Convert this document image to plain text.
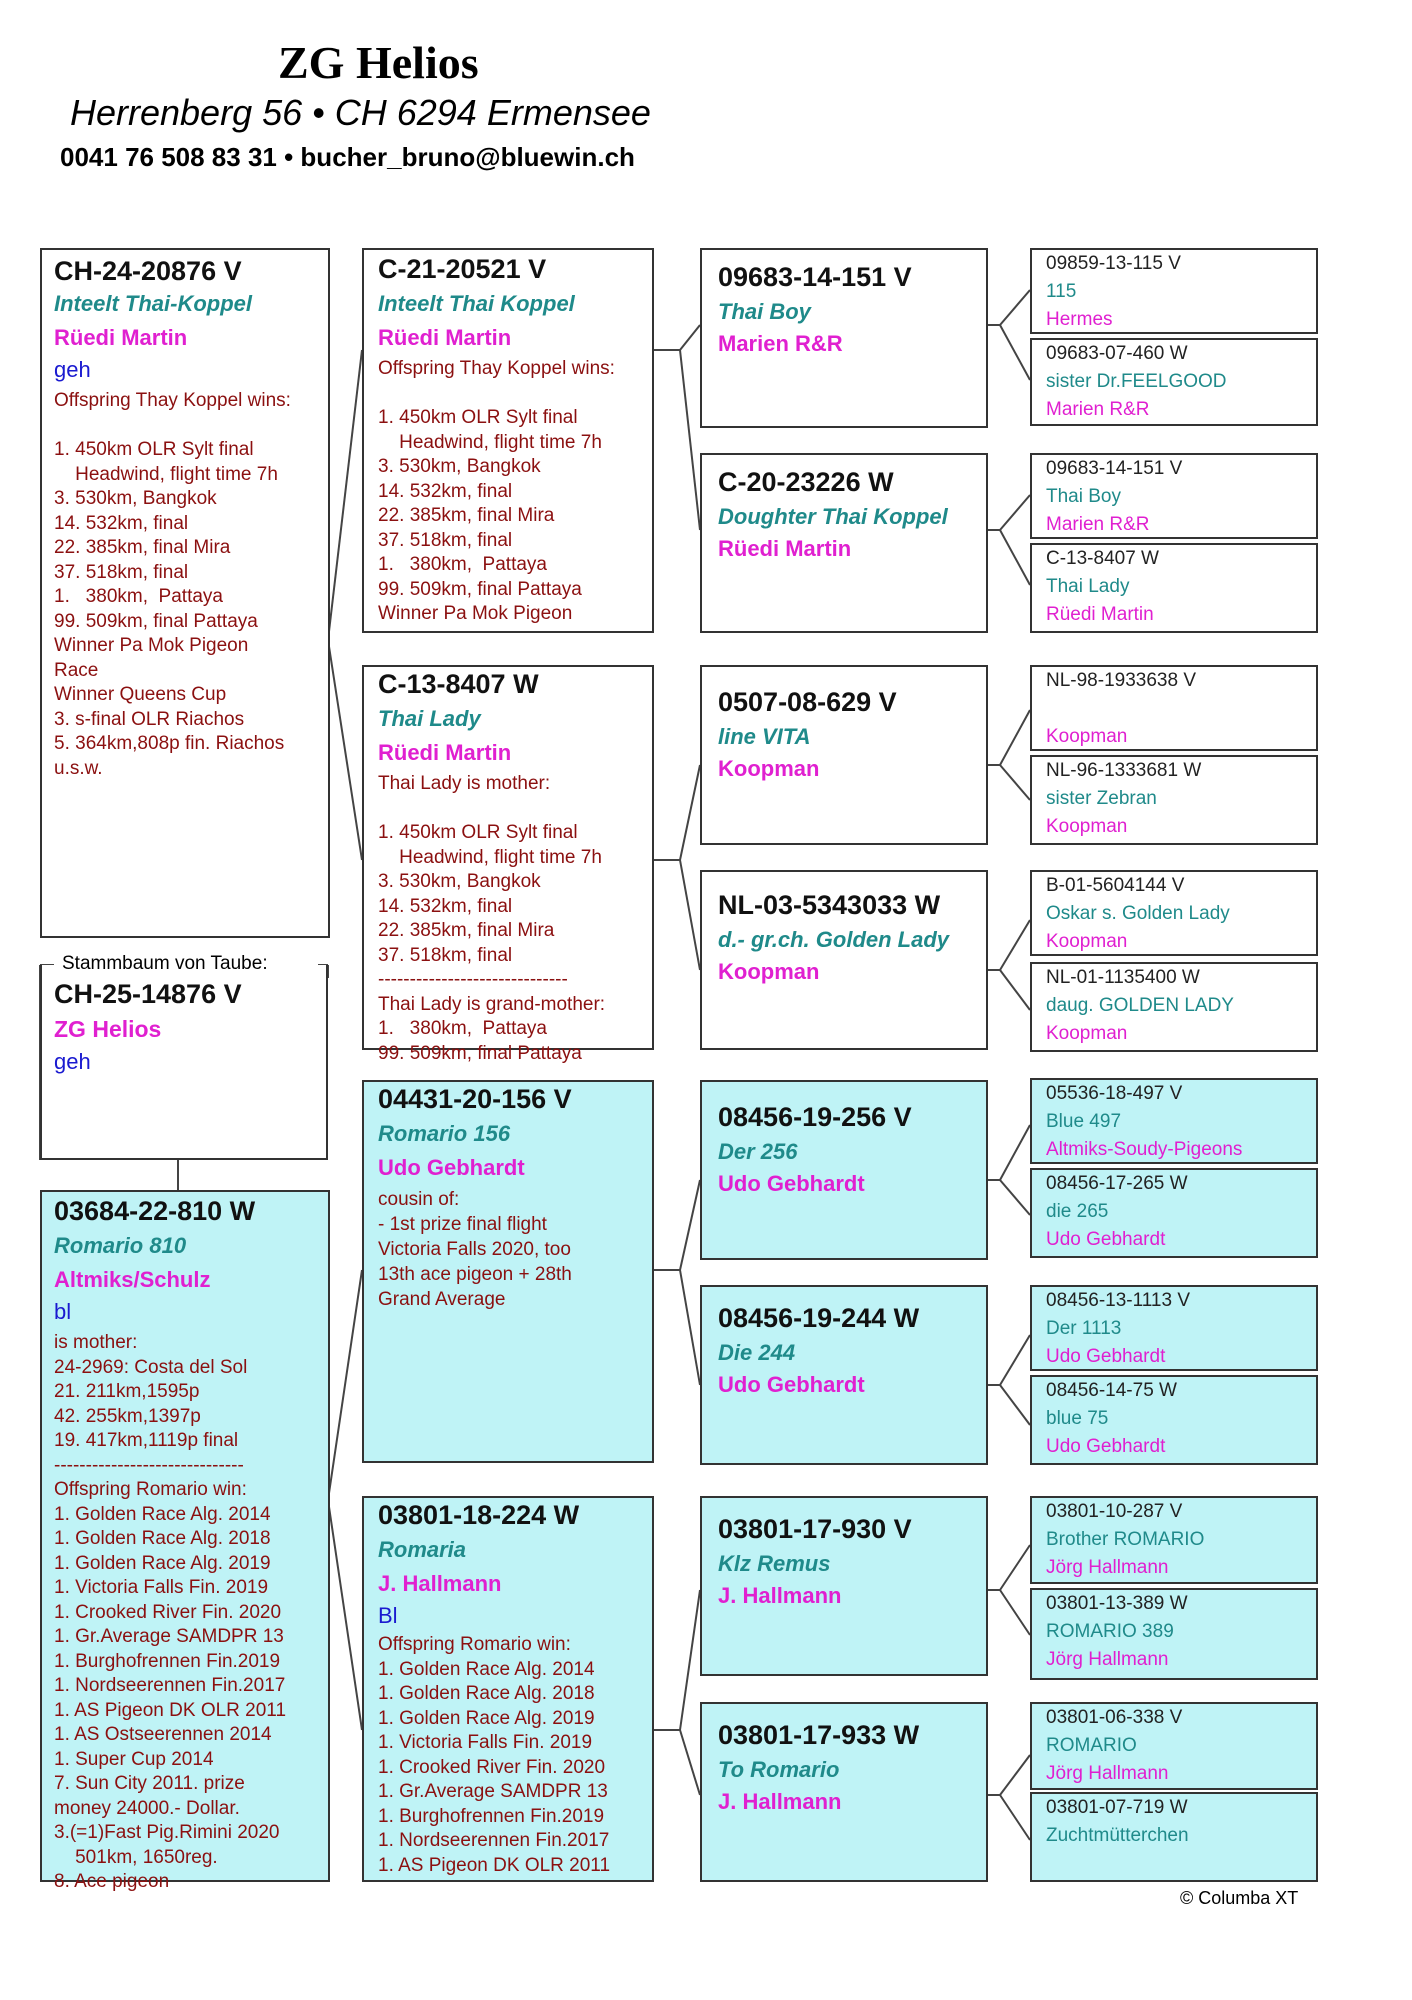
ZG Helios
Herrenberg 56 • CH 6294 Ermensee
0041 76 508 83 31 • bucher_bruno@bluewin.ch
CH-24-20876 V
Inteelt Thai-Koppel
Rüedi Martin
geh
Offspring Thay Koppel wins:

1. 450km OLR Sylt final
Headwind, flight time 7h
3. 530km, Bangkok
14. 532km, final
22. 385km, final Mira
37. 518km, final
1.   380km,  Pattaya
99. 509km, final Pattaya
Winner Pa Mok Pigeon
Race
Winner Queens Cup
3. s-final OLR Riachos
5. 364km,808p fin. Riachos
u.s.w.
CH-25-14876 V
ZG Helios
geh
Stammbaum von Taube:
03684-22-810 W
Romario 810
Altmiks/Schulz
bl
is mother:
24-2969: Costa del Sol
21. 211km,1595p
42. 255km,1397p
19. 417km,1119p final
------------------------------
Offspring Romario win:
1. Golden Race Alg. 2014
1. Golden Race Alg. 2018
1. Golden Race Alg. 2019
1. Victoria Falls Fin. 2019
1. Crooked River Fin. 2020
1. Gr.Average SAMDPR 13
1. Burghofrennen Fin.2019
1. Nordseerennen Fin.2017
1. AS Pigeon DK OLR 2011
1. AS Ostseerennen 2014
1. Super Cup 2014
7. Sun City 2011. prize
money 24000.- Dollar.
3.(=1)Fast Pig.Rimini 2020
501km, 1650reg.
8. Ace pigeon
C-21-20521 V
Inteelt Thai Koppel
Rüedi Martin
Offspring Thay Koppel wins:

1. 450km OLR Sylt final
Headwind, flight time 7h
3. 530km, Bangkok
14. 532km, final
22. 385km, final Mira
37. 518km, final
1.   380km,  Pattaya
99. 509km, final Pattaya
Winner Pa Mok Pigeon
C-13-8407 W
Thai Lady
Rüedi Martin
Thai Lady is mother:

1. 450km OLR Sylt final
Headwind, flight time 7h
3. 530km, Bangkok
14. 532km, final
22. 385km, final Mira
37. 518km, final
------------------------------
Thai Lady is grand-mother:
1.   380km,  Pattaya
99. 509km, final Pattaya
04431-20-156 V
Romario 156
Udo Gebhardt
cousin of:
- 1st prize final flight
Victoria Falls 2020, too
13th ace pigeon + 28th
Grand Average
03801-18-224 W
Romaria
J. Hallmann
Bl
Offspring Romario win:
1. Golden Race Alg. 2014
1. Golden Race Alg. 2018
1. Golden Race Alg. 2019
1. Victoria Falls Fin. 2019
1. Crooked River Fin. 2020
1. Gr.Average SAMDPR 13
1. Burghofrennen Fin.2019
1. Nordseerennen Fin.2017
1. AS Pigeon DK OLR 2011
09683-14-151 V
Thai Boy
Marien R&R
C-20-23226 W
Doughter Thai Koppel
Rüedi Martin
0507-08-629 V
line VITA
Koopman
NL-03-5343033 W
d.- gr.ch. Golden Lady
Koopman
08456-19-256 V
Der 256
Udo Gebhardt
08456-19-244 W
Die 244
Udo Gebhardt
03801-17-930 V
Klz Remus
J. Hallmann
03801-17-933 W
To Romario
J. Hallmann
09859-13-115 V
115
Hermes
09683-07-460 W
sister Dr.FEELGOOD
Marien R&R
09683-14-151 V
Thai Boy
Marien R&R
C-13-8407 W
Thai Lady
Rüedi Martin
NL-98-1933638 V
Koopman
NL-96-1333681 W
sister Zebran
Koopman
B-01-5604144 V
Oskar s. Golden Lady
Koopman
NL-01-1135400 W
daug. GOLDEN LADY
Koopman
05536-18-497 V
Blue 497
Altmiks-Soudy-Pigeons
08456-17-265 W
die 265
Udo Gebhardt
08456-13-1113 V
Der 1113
Udo Gebhardt
08456-14-75 W
blue 75
Udo Gebhardt
03801-10-287 V
Brother ROMARIO
Jörg Hallmann
03801-13-389 W
ROMARIO 389
Jörg Hallmann
03801-06-338 V
ROMARIO
Jörg Hallmann
03801-07-719 W
Zuchtmütterchen
© Columba XT
